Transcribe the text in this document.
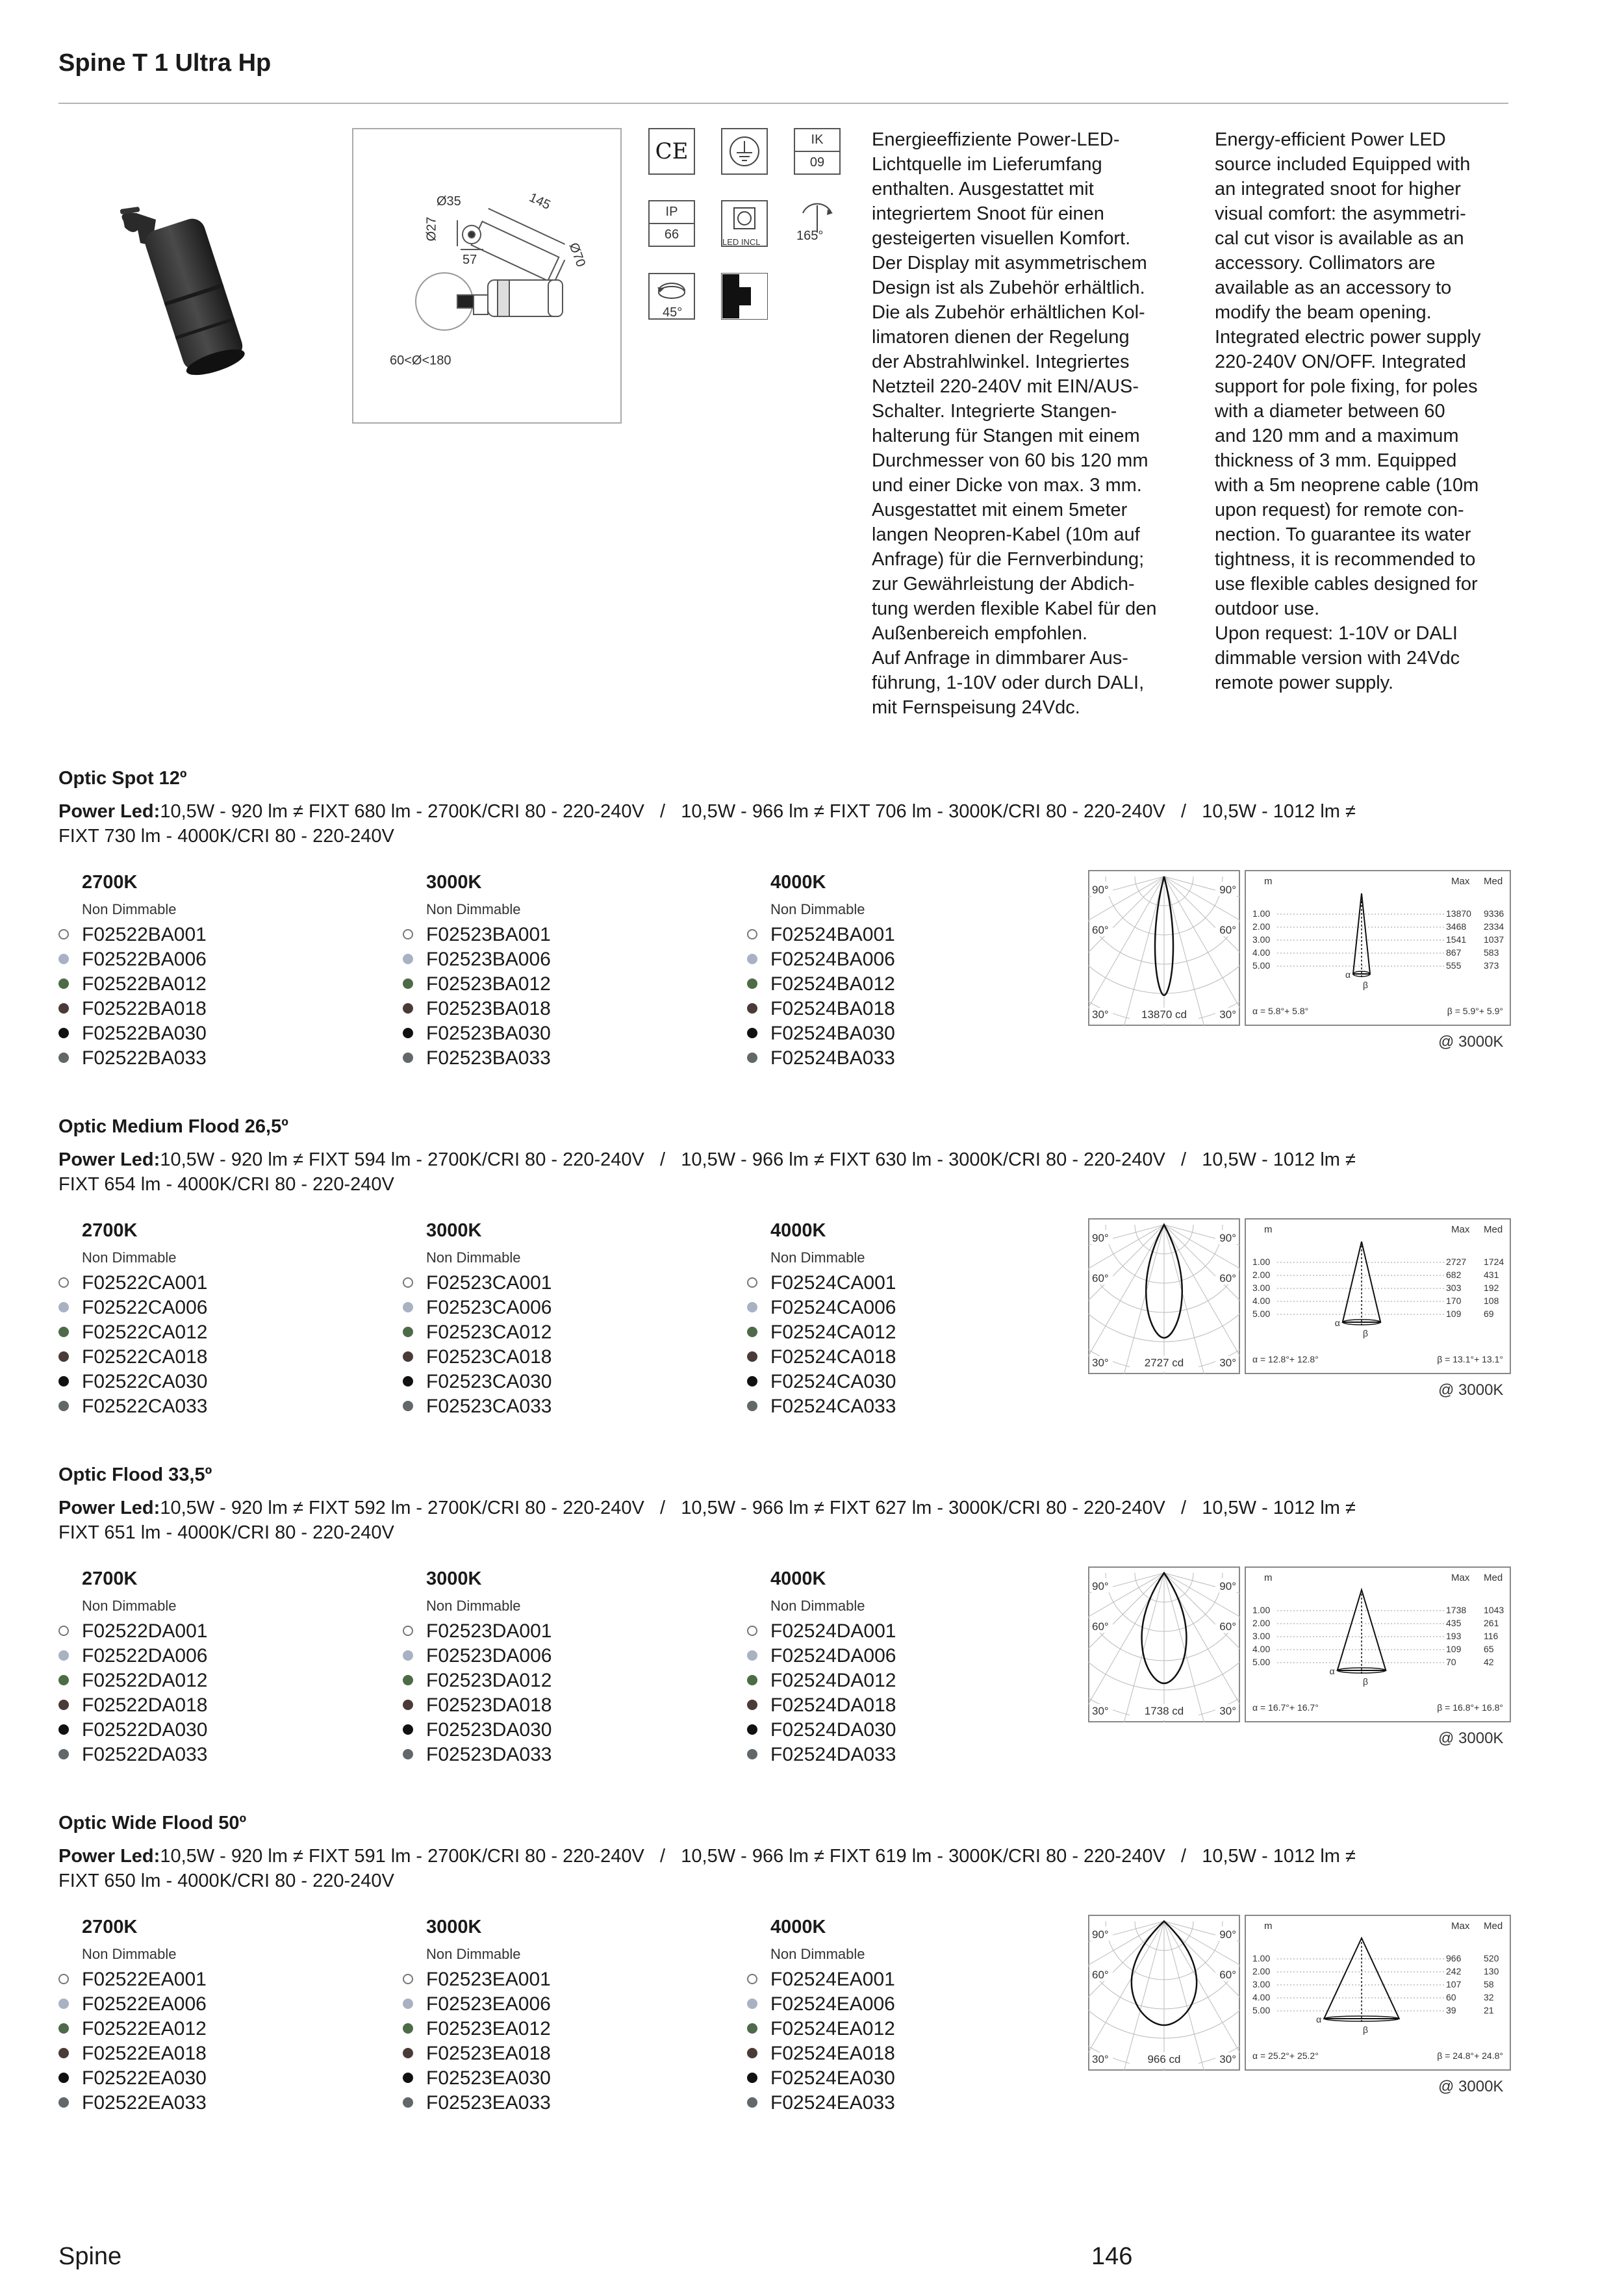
Spine T 1 Ultra Hp
Ø35	145
Ø27
57	Ø70
60<Ø<180
CE	IK
09
IP
66
LED INCL	165°
45°
Energieeffiziente Power-LED-
Lichtquelle im Lieferumfang
enthalten. Ausgestattet mit
integriertem Snoot für einen
gesteigerten visuellen Komfort.
Der Display mit asymmetrischem
Design ist als Zubehör erhältlich.
Die als Zubehör erhältlichen Kol-
limatoren dienen der Regelung
der Abstrahlwinkel. Integriertes
Netzteil 220-240V mit EIN/AUS-
Schalter. Integrierte Stangen-
halterung für Stangen mit einem
Durchmesser von 60 bis 120 mm
und einer Dicke von max. 3 mm.
Ausgestattet mit einem 5meter
langen Neopren-Kabel (10m auf
Anfrage) für die Fernverbindung;
zur Gewährleistung der Abdich-
tung werden flexible Kabel für den
Außenbereich empfohlen.
Auf Anfrage in dimmbarer Aus-
führung, 1-10V oder durch DALI,
mit Fernspeisung 24Vdc.
Energy-efficient Power LED
source included Equipped with
an integrated snoot for higher
visual comfort: the asymmetri-
cal cut visor is available as an
accessory. Collimators are
available as an accessory to
modify the beam opening.
Integrated electric power supply
220-240V ON/OFF. Integrated
support for pole fixing, for poles
with a diameter between 60
and 120 mm and a maximum
thickness of 3 mm. Equipped
with a 5m neoprene cable (10m
upon request) for remote con-
nection. To guarantee its water
tightness, it is recommended to
use flexible cables designed for
outdoor use.
Upon request: 1-10V or DALI
dimmable version with 24Vdc
remote power supply.
Optic Spot 12º
Power Led:10,5W - 920 lm ≠ FIXT 680 lm - 2700K/CRI 80 - 220-240V   /   10,5W - 966 lm ≠ FIXT 706 lm - 3000K/CRI 80 - 220-240V   /   10,5W - 1012 lm ≠
FIXT 730 lm - 4000K/CRI 80 - 220-240V
2700K
Non Dimmable
F02522BA001
F02522BA006
F02522BA012
F02522BA018
F02522BA030
F02522BA033
3000K
Non Dimmable
F02523BA001
F02523BA006
F02523BA012
F02523BA018
F02523BA030
F02523BA033
4000K
Non Dimmable
F02524BA001
F02524BA006
F02524BA012
F02524BA018
F02524BA030
F02524BA033
90°	90°
60°	60°
30°	30°
13870 cd
m	Max Med
1.00	13870 9336
2.00	3468 2334
3.00	1541 1037
4.00	867 583
5.00	555 373
α
β
α = 5.8°+ 5.8°	β = 5.9°+ 5.9°
@ 3000K
Optic Medium Flood 26,5º
Power Led:10,5W - 920 lm ≠ FIXT 594 lm - 2700K/CRI 80 - 220-240V   /   10,5W - 966 lm ≠ FIXT 630 lm - 3000K/CRI 80 - 220-240V   /   10,5W - 1012 lm ≠
FIXT 654 lm - 4000K/CRI 80 - 220-240V
2700K
Non Dimmable
F02522CA001
F02522CA006
F02522CA012
F02522CA018
F02522CA030
F02522CA033
3000K
Non Dimmable
F02523CA001
F02523CA006
F02523CA012
F02523CA018
F02523CA030
F02523CA033
4000K
Non Dimmable
F02524CA001
F02524CA006
F02524CA012
F02524CA018
F02524CA030
F02524CA033
90°	90°
60°	60°
30°	30°
2727 cd
m	Max Med
1.00	2727 1724
2.00	682 431
3.00	303 192
4.00	170 108
5.00	109 69
α
β
α = 12.8°+ 12.8°	β = 13.1°+ 13.1°
@ 3000K
Optic Flood 33,5º
Power Led:10,5W - 920 lm ≠ FIXT 592 lm - 2700K/CRI 80 - 220-240V   /   10,5W - 966 lm ≠ FIXT 627 lm - 3000K/CRI 80 - 220-240V   /   10,5W - 1012 lm ≠
FIXT 651 lm - 4000K/CRI 80 - 220-240V
2700K
Non Dimmable
F02522DA001
F02522DA006
F02522DA012
F02522DA018
F02522DA030
F02522DA033
3000K
Non Dimmable
F02523DA001
F02523DA006
F02523DA012
F02523DA018
F02523DA030
F02523DA033
4000K
Non Dimmable
F02524DA001
F02524DA006
F02524DA012
F02524DA018
F02524DA030
F02524DA033
90°	90°
60°	60°
30°	30°
1738 cd
m	Max Med
1.00	1738 1043
2.00	435 261
3.00	193 116
4.00	109 65
5.00	70	42
α
β
α = 16.7°+ 16.7°	β = 16.8°+ 16.8°
@ 3000K
Optic Wide Flood 50º
Power Led:10,5W - 920 lm ≠ FIXT 591 lm - 2700K/CRI 80 - 220-240V   /   10,5W - 966 lm ≠ FIXT 619 lm - 3000K/CRI 80 - 220-240V   /   10,5W - 1012 lm ≠
FIXT 650 lm - 4000K/CRI 80 - 220-240V
2700K
Non Dimmable
F02522EA001
F02522EA006
F02522EA012
F02522EA018
F02522EA030
F02522EA033
3000K
Non Dimmable
F02523EA001
F02523EA006
F02523EA012
F02523EA018
F02523EA030
F02523EA033
4000K
Non Dimmable
F02524EA001
F02524EA006
F02524EA012
F02524EA018
F02524EA030
F02524EA033
90°	90°
60°	60°
30°	30°
966 cd
m	Max Med
1.00	966 520
2.00	242 130
3.00	107 58
4.00	60	32
5.00	39	21
α
β
α = 25.2°+ 25.2°	β = 24.8°+ 24.8°
@ 3000K
Spine	146
